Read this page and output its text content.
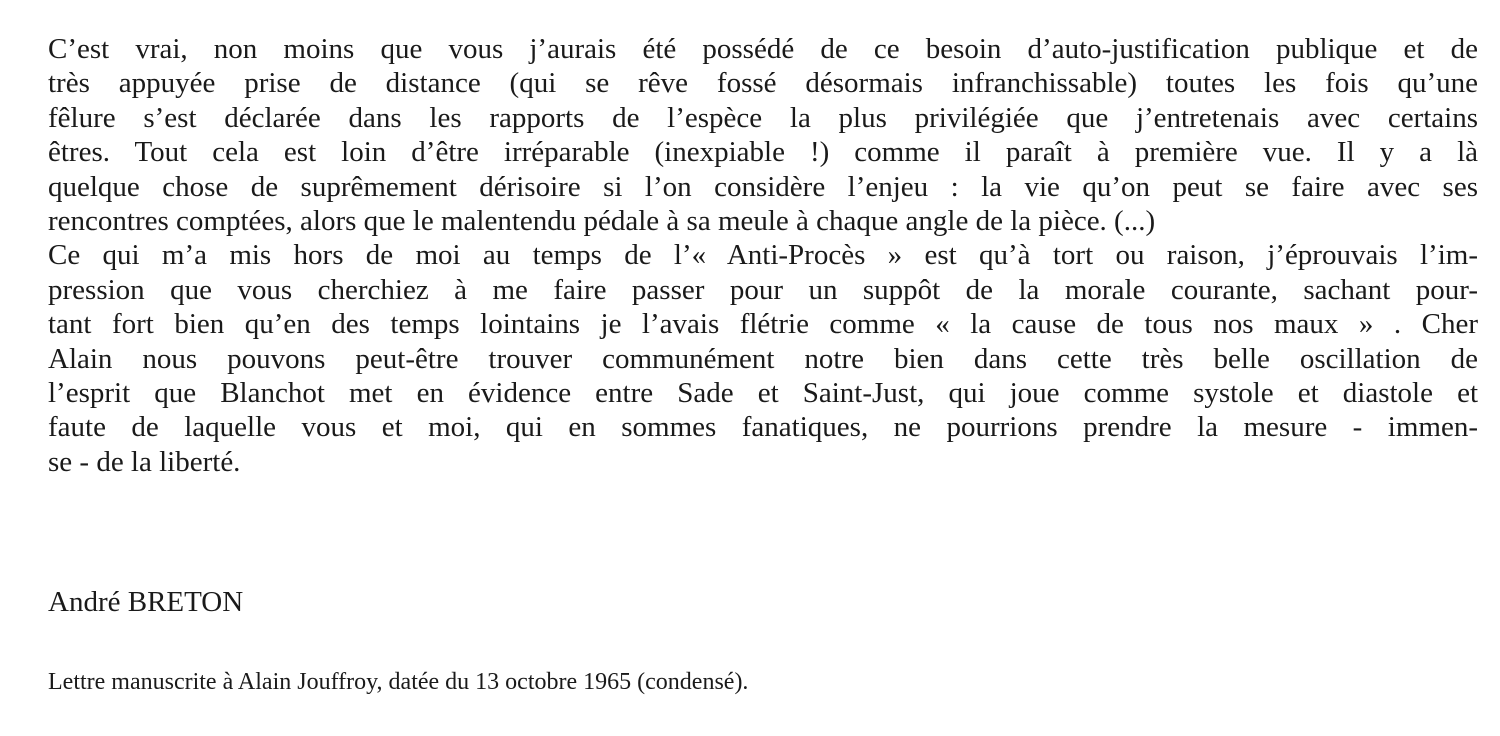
C’est vrai, non moins que vous j’aurais été possédé de ce besoin d’auto-justification publique et de
très appuyée prise de distance (qui se rêve fossé désormais infranchissable) toutes les fois qu’une
fêlure s’est déclarée dans les rapports de l’espèce la plus privilégiée que j’entretenais avec certains
êtres. Tout cela est loin d’être irréparable (inexpiable !) comme il paraît à première vue. Il y a là
quelque chose de suprêmement dérisoire si l’on considère l’enjeu : la vie qu’on peut se faire avec ses
rencontres comptées, alors que le malentendu pédale à sa meule à chaque angle de la pièce. (...)
Ce qui m’a mis hors de moi au temps de l’« Anti-Procès » est qu’à tort ou raison, j’éprouvais l’im-
pression que vous cherchiez à me faire passer pour un suppôt de la morale courante, sachant pour-
tant fort bien qu’en des temps lointains je l’avais flétrie comme « la cause de tous nos maux » . Cher
Alain nous pouvons peut-être trouver communément notre bien dans cette très belle oscillation de
l’esprit que Blanchot met en évidence entre Sade et Saint-Just, qui joue comme systole et diastole et
faute de laquelle vous et moi, qui en sommes fanatiques, ne pourrions prendre la mesure - immen-
se - de la liberté.
André BRETON
Lettre manuscrite à Alain Jouffroy, datée du 13 octobre 1965 (condensé).
